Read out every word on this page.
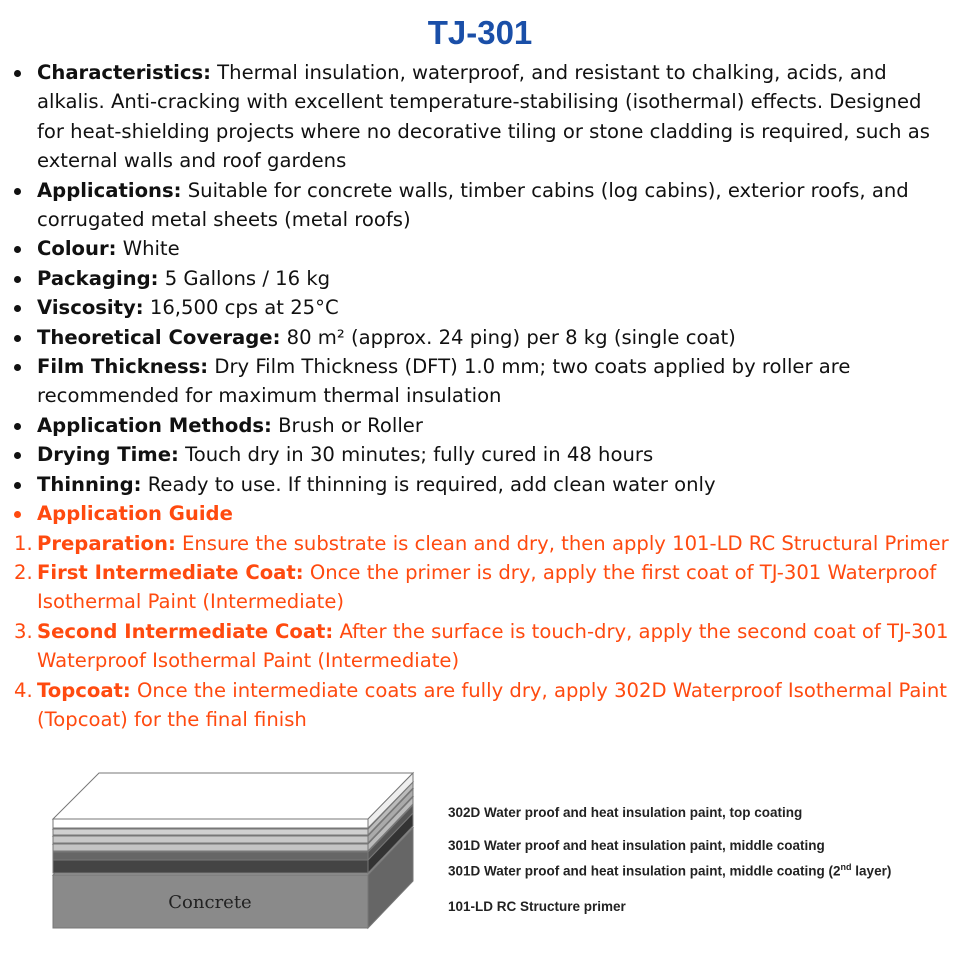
TJ-301
Characteristics: Thermal insulation, waterproof, and resistant to chalking, acids, and alkalis. Anti-cracking with excellent temperature-stabilising (isothermal) effects. Designed for heat-shielding projects where no decorative tiling or stone cladding is required, such as external walls and roof gardens
Applications: Suitable for concrete walls, timber cabins (log cabins), exterior roofs, and corrugated metal sheets (metal roofs)
Colour: White
Packaging: 5 Gallons / 16 kg
Viscosity: 16,500 cps at 25°C
Theoretical Coverage: 80 m² (approx. 24 ping) per 8 kg (single coat)
Film Thickness: Dry Film Thickness (DFT) 1.0 mm; two coats applied by roller are recommended for maximum thermal insulation
Application Methods: Brush or Roller
Drying Time: Touch dry in 30 minutes; fully cured in 48 hours
Thinning: Ready to use. If thinning is required, add clean water only
Application Guide
1. Preparation: Ensure the substrate is clean and dry, then apply 101-LD RC Structural Primer
2. First Intermediate Coat: Once the primer is dry, apply the first coat of TJ-301 Waterproof Isothermal Paint (Intermediate)
3. Second Intermediate Coat: After the surface is touch-dry, apply the second coat of TJ-301 Waterproof Isothermal Paint (Intermediate)
4. Topcoat: Once the intermediate coats are fully dry, apply 302D Waterproof Isothermal Paint (Topcoat) for the final finish
Concrete
302D Water proof and heat insulation paint, top coating
301D Water proof and heat insulation paint, middle coating
301D Water proof and heat insulation paint, middle coating (2nd layer)
101-LD RC Structure primer
